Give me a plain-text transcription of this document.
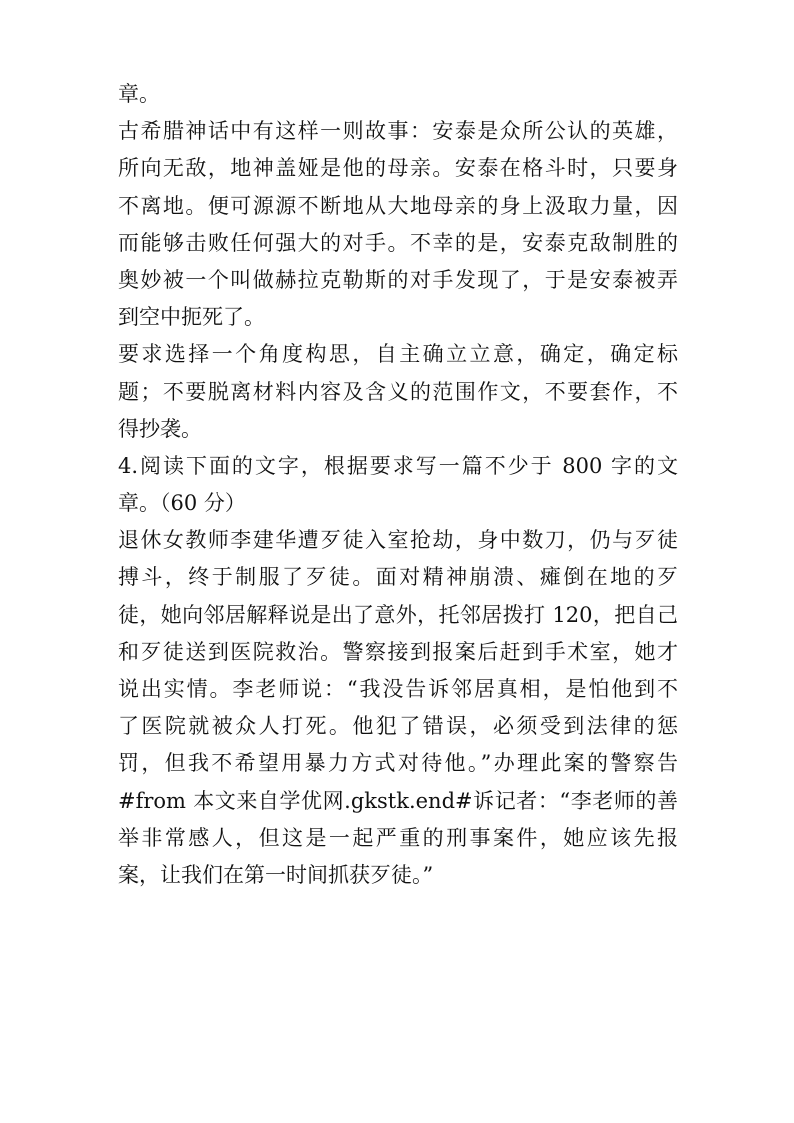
章。
古希腊神话中有这样一则故事：安泰是众所公认的英雄，
所向无敌，地神盖娅是他的母亲。安泰在格斗时，只要身
不离地。便可源源不断地从大地母亲的身上汲取力量，因
而能够击败任何强大的对手。不幸的是，安泰克敌制胜的
奥妙被一个叫做赫拉克勒斯的对手发现了，于是安泰被弄
到空中扼死了。
要求选择一个角度构思，自主确立立意，确定，确定标
题；不要脱离材料内容及含义的范围作文，不要套作，不
得抄袭。
4.阅读下面的文字，根据要求写一篇不少于 800 字的文
章。（60 分）
退休女教师李建华遭歹徒入室抢劫，身中数刀，仍与歹徒
搏斗，终于制服了歹徒。面对精神崩溃、瘫倒在地的歹
徒，她向邻居解释说是出了意外，托邻居拨打 120，把自己
和歹徒送到医院救治。警察接到报案后赶到手术室，她才
说出实情。李老师说：“我没告诉邻居真相，是怕他到不
了医院就被众人打死。他犯了错误，必须受到法律的惩
罚，但我不希望用暴力方式对待他。”办理此案的警察告
#from 本文来自学优网.gkstk.end#诉记者：“李老师的善
举非常感人，但这是一起严重的刑事案件，她应该先报
案，让我们在第一时间抓获歹徒。”
